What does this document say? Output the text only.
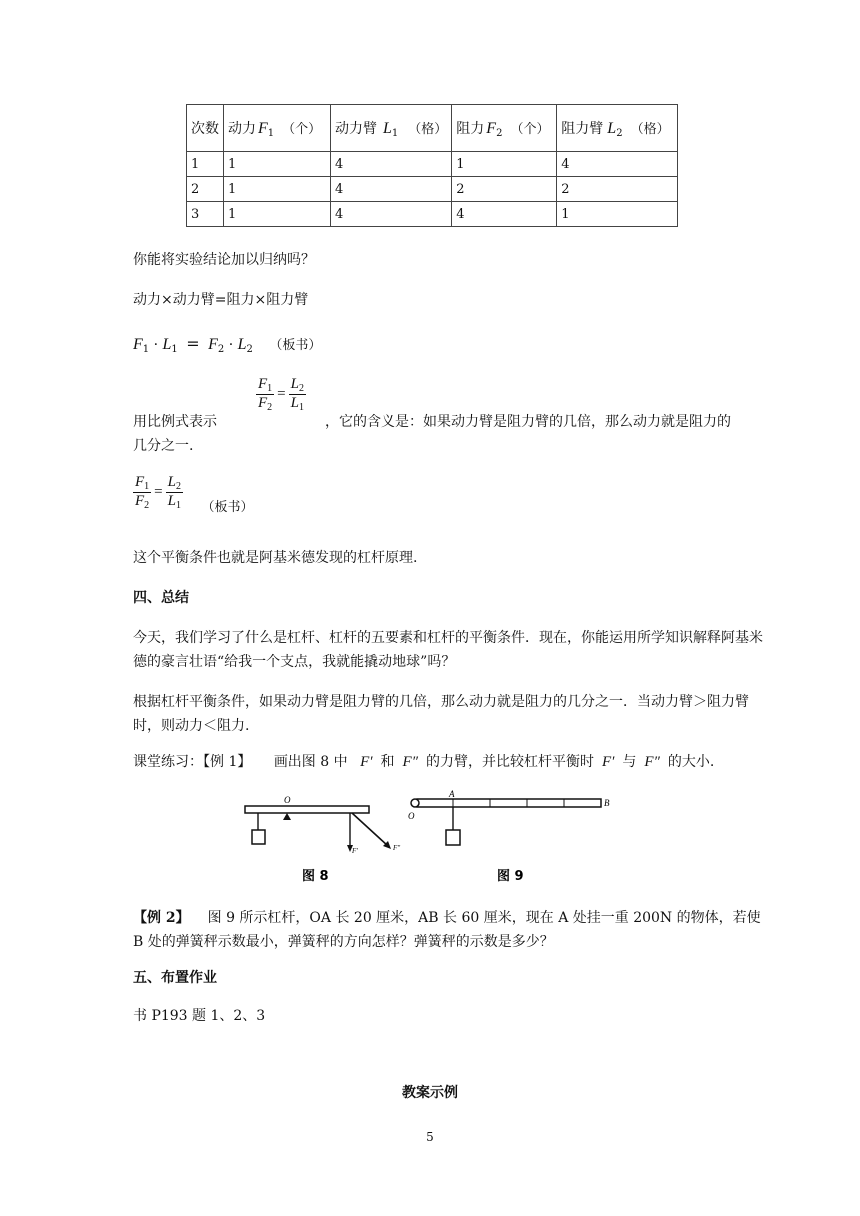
次数	动力 $F_1$ （个）	动力臂 $L_1$ （格）	阻力 $F_2$ （个）	阻力臂 $L_2$ （格）
1	1	4	1	4
2	1	4	2	2
3	1	4	4	1
你能将实验结论加以归纳吗？
动力×动力臂=阻力×阻力臂
$F_1 \cdot L_1 = F_2 \cdot L_2$ （板书）
$\frac{F_1}{F_2} = \frac{L_2}{L_1}$
用比例式表示	，它的含义是：如果动力臂是阻力臂的几倍，那么动力就是阻力的
几分之一.
$\frac{F_1}{F_2} = \frac{L_2}{L_1}$ （板书）
这个平衡条件也就是阿基米德发现的杠杆原理.
四、总结
今天，我们学习了什么是杠杆、杠杆的五要素和杠杆的平衡条件．现在，你能运用所学知识解释阿基米德的豪言壮语“给我一个支点，我就能撬动地球”吗？
根据杠杆平衡条件，如果动力臂是阻力臂的几倍，那么动力就是阻力的几分之一．当动力臂＞阻力臂时，则动力＜阻力.
课堂练习：【例 1】 画出图 8 中 F′ 和 F″ 的力臂，并比较杠杆平衡时 F′ 与 F″ 的大小.
O
F′	F″
图 8
A
B
O
图 9
【例 2】 图 9 所示杠杆，OA 长 20 厘米，AB 长 60 厘米，现在 A 处挂一重 200N 的物体，若使 B 处的弹簧秤示数最小，弹簧秤的方向怎样？弹簧秤的示数是多少？
五、布置作业
书 P193 题 1、2、3
教案示例
5
